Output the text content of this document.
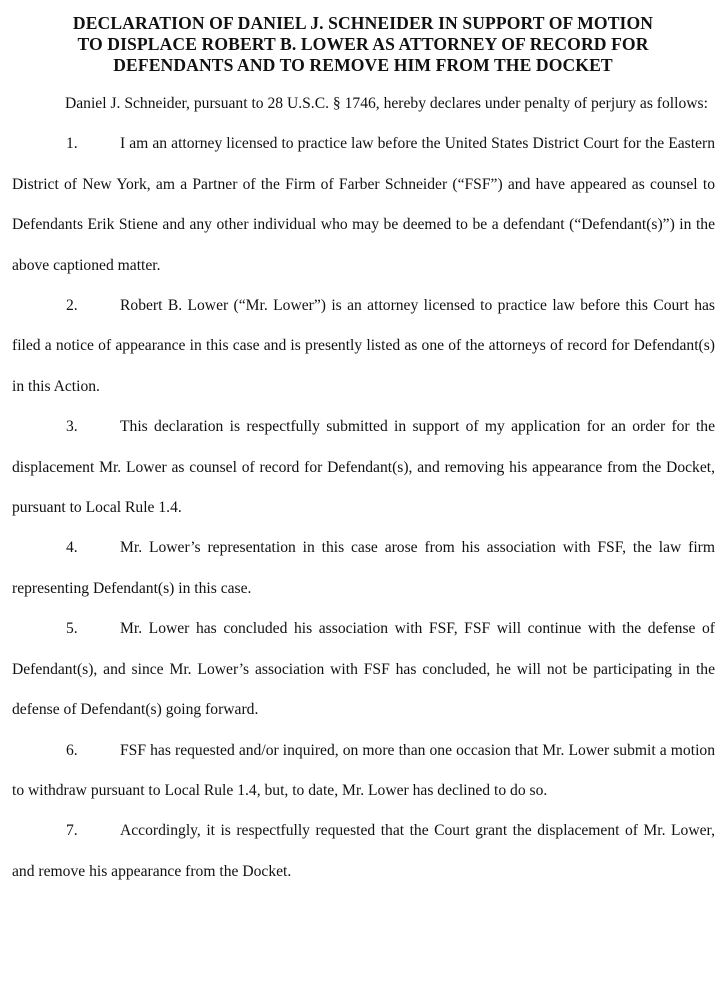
DECLARATION OF DANIEL J. SCHNEIDER IN SUPPORT OF MOTION
TO DISPLACE ROBERT B. LOWER AS ATTORNEY OF RECORD FOR
DEFENDANTS AND TO REMOVE HIM FROM THE DOCKET

Daniel J. Schneider, pursuant to 28 U.S.C. § 1746, hereby declares under penalty of perjury as follows:

1.	I am an attorney licensed to practice law before the United States District Court for the Eastern District of New York, am a Partner of the Firm of Farber Schneider (“FSF”) and have appeared as counsel to Defendants Erik Stiene and any other individual who may be deemed to be a defendant (“Defendant(s)”) in the above captioned matter.

2.	Robert B. Lower (“Mr. Lower”) is an attorney licensed to practice law before this Court has filed a notice of appearance in this case and is presently listed as one of the attorneys of record for Defendant(s) in this Action.

3.	This declaration is respectfully submitted in support of my application for an order for the displacement Mr. Lower as counsel of record for Defendant(s), and removing his appearance from the Docket, pursuant to Local Rule 1.4.

4.	Mr. Lower’s representation in this case arose from his association with FSF, the law firm representing Defendant(s) in this case.

5.	Mr. Lower has concluded his association with FSF, FSF will continue with the defense of Defendant(s), and since Mr. Lower’s association with FSF has concluded, he will not be participating in the defense of Defendant(s) going forward.

6.	FSF has requested and/or inquired, on more than one occasion that Mr. Lower submit a motion to withdraw pursuant to Local Rule 1.4, but, to date, Mr. Lower has declined to do so.

7.	Accordingly, it is respectfully requested that the Court grant the displacement of Mr. Lower, and remove his appearance from the Docket.
